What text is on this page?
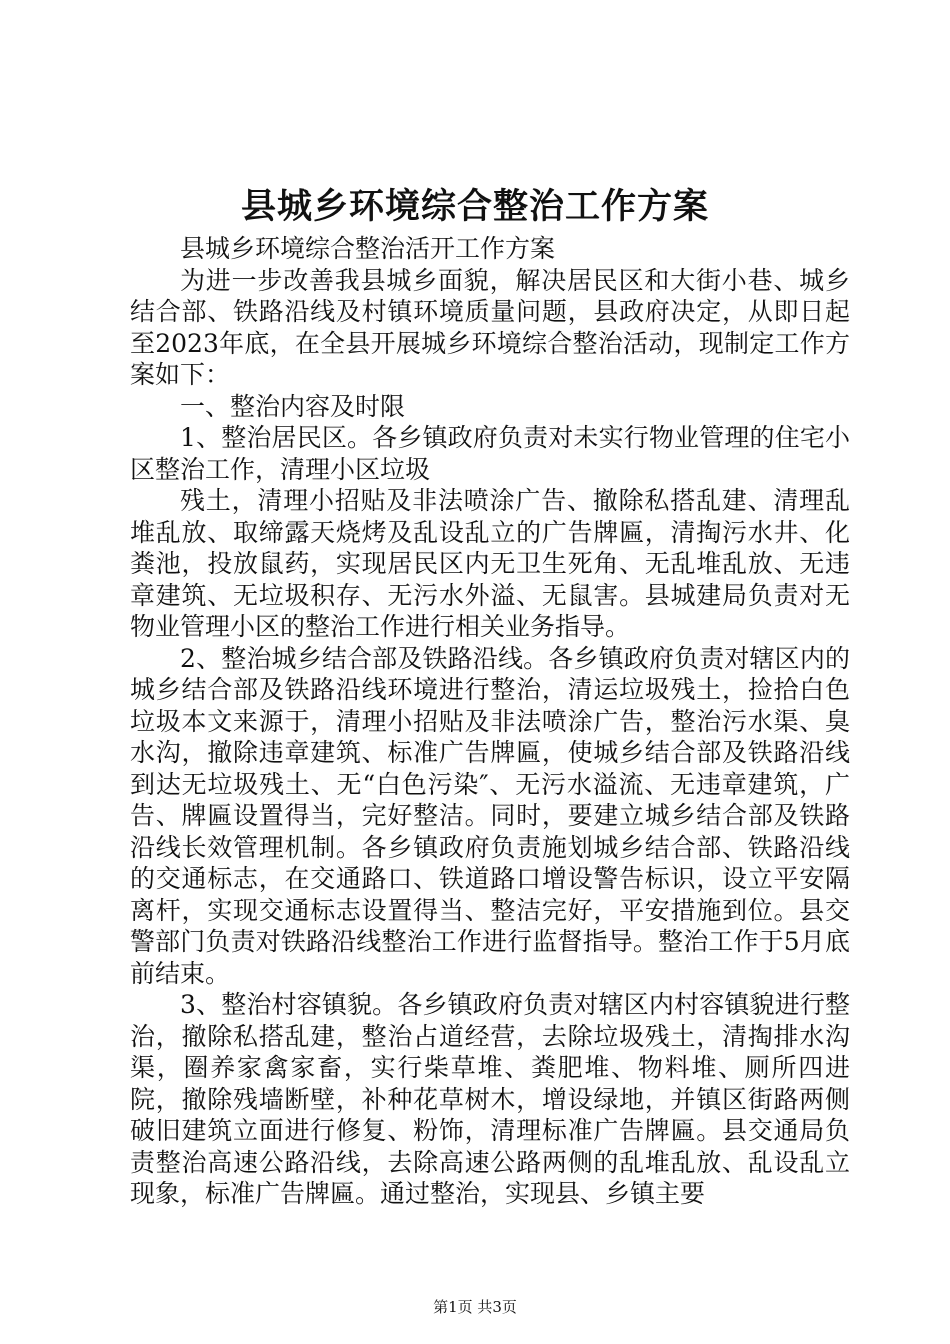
县城乡环境综合整治工作方案

县城乡环境综合整治活开工作方案

为进一步改善我县城乡面貌，解决居民区和大街小巷、城乡结合部、铁路沿线及村镇环境质量问题，县政府决定，从即日起至2023年底，在全县开展城乡环境综合整治活动，现制定工作方案如下：

一、整治内容及时限

1、整治居民区。各乡镇政府负责对未实行物业管理的住宅小区整治工作，清理小区垃圾

残土，清理小招贴及非法喷涂广告、撤除私搭乱建、清理乱堆乱放、取缔露天烧烤及乱设乱立的广告牌匾，清掏污水井、化粪池，投放鼠药，实现居民区内无卫生死角、无乱堆乱放、无违章建筑、无垃圾积存、无污水外溢、无鼠害。县城建局负责对无物业管理小区的整治工作进行相关业务指导。

2、整治城乡结合部及铁路沿线。各乡镇政府负责对辖区内的城乡结合部及铁路沿线环境进行整治，清运垃圾残土，捡拾白色垃圾本文来源于，清理小招贴及非法喷涂广告，整治污水渠、臭水沟，撤除违章建筑、标准广告牌匾，使城乡结合部及铁路沿线到达无垃圾残土、无“白色污染″、无污水溢流、无违章建筑，广告、牌匾设置得当，完好整洁。同时，要建立城乡结合部及铁路沿线长效管理机制。各乡镇政府负责施划城乡结合部、铁路沿线的交通标志，在交通路口、铁道路口增设警告标识，设立平安隔离杆，实现交通标志设置得当、整洁完好，平安措施到位。县交警部门负责对铁路沿线整治工作进行监督指导。整治工作于5月底前结束。

3、整治村容镇貌。各乡镇政府负责对辖区内村容镇貌进行整治，撤除私搭乱建，整治占道经营，去除垃圾残土，清掏排水沟渠，圈养家禽家畜，实行柴草堆、粪肥堆、物料堆、厕所四进院，撤除残墙断壁，补种花草树木，增设绿地，并镇区街路两侧破旧建筑立面进行修复、粉饰，清理标准广告牌匾。县交通局负责整治高速公路沿线，去除高速公路两侧的乱堆乱放、乱设乱立现象，标准广告牌匾。通过整治，实现县、乡镇主要

第1页 共3页
